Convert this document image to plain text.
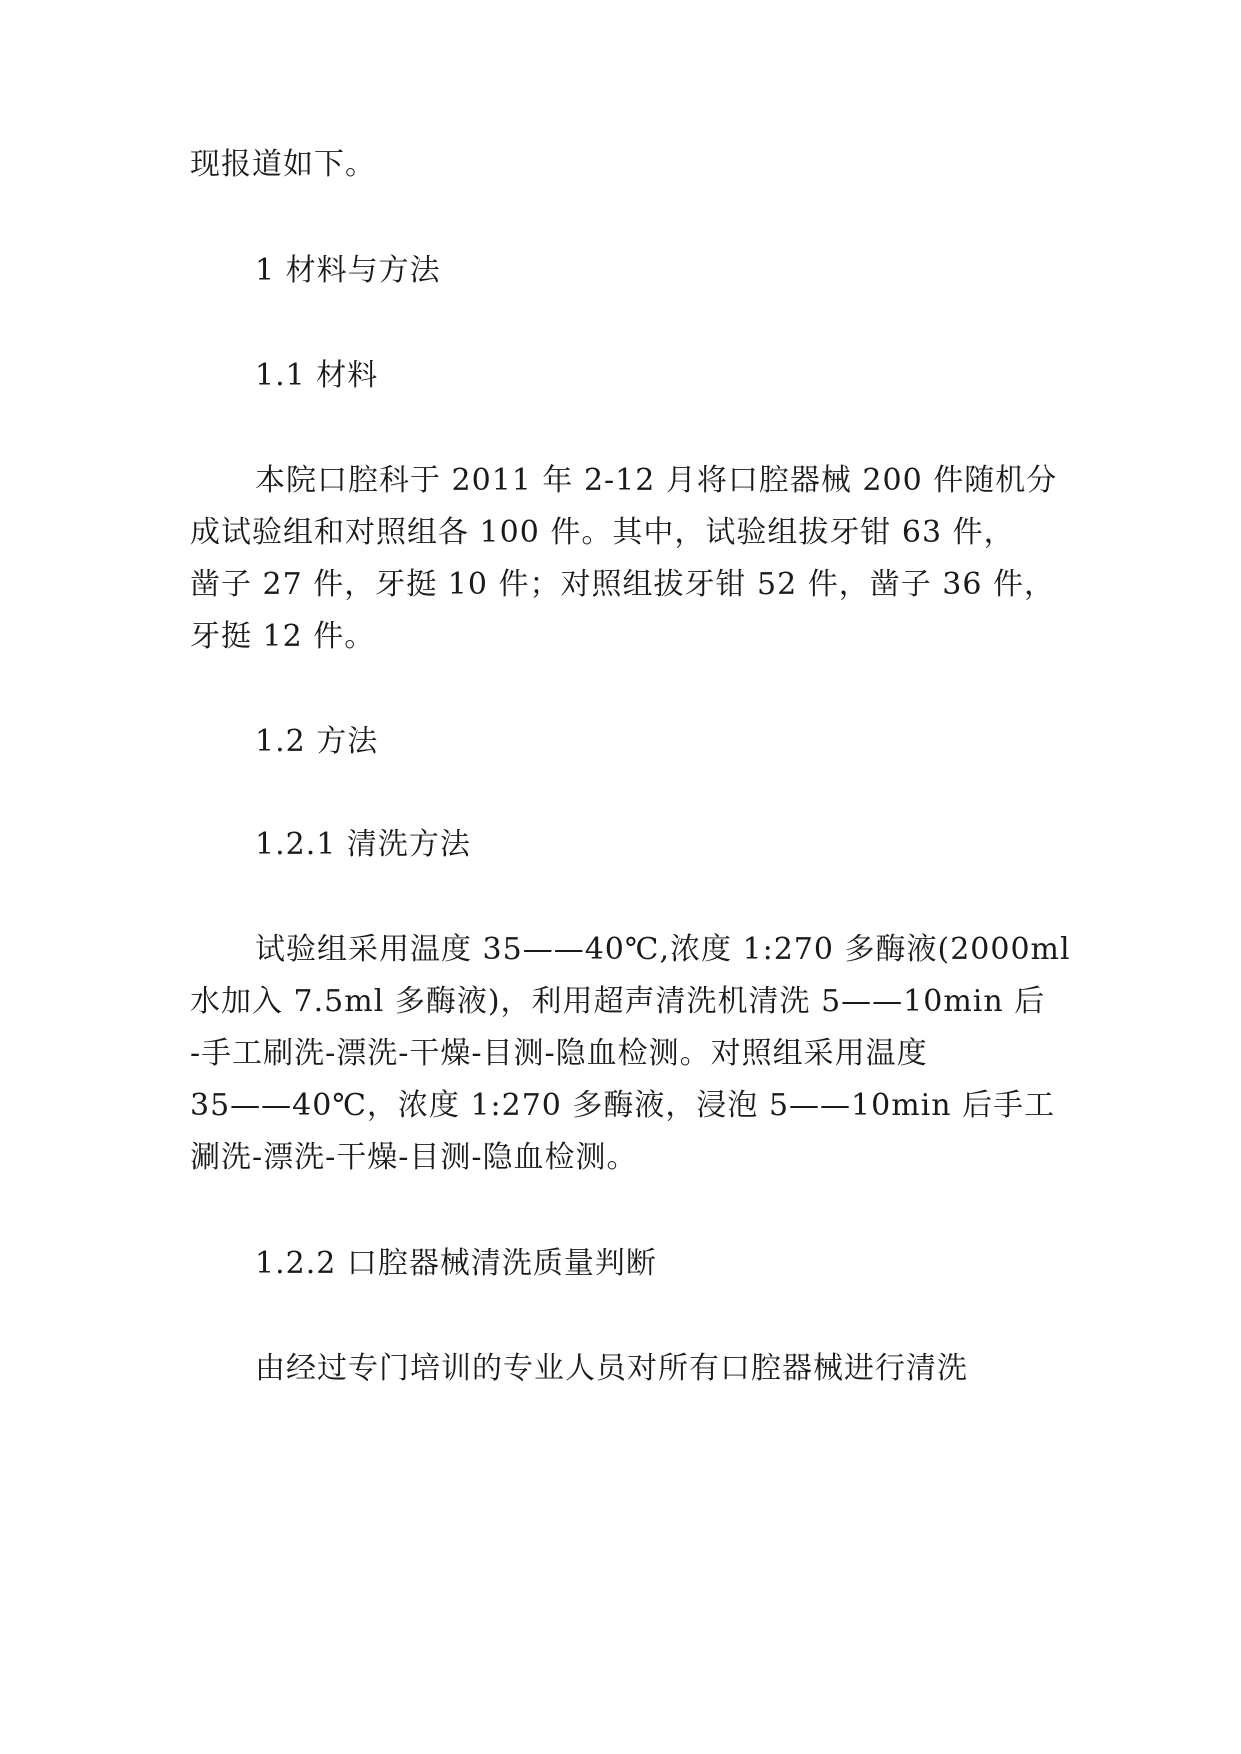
现报道如下。
1 材料与方法
1.1 材料
本院口腔科于 2011 年 2-12 月将口腔器械 200 件随机分
成试验组和对照组各 100 件。其中，试验组拔牙钳 63 件，
凿子 27 件，牙挺 10 件；对照组拔牙钳 52 件，凿子 36 件，
牙挺 12 件。
1.2 方法
1.2.1 清洗方法
试验组采用温度 35——40℃,浓度 1:270 多酶液(2000ml
水加入 7.5ml 多酶液)，利用超声清洗机清洗 5——10min 后
-手工刷洗-漂洗-干燥-目测-隐血检测。对照组采用温度
35——40℃，浓度 1:270 多酶液，浸泡 5——10min 后手工
涮洗-漂洗-干燥-目测-隐血检测。
1.2.2 口腔器械清洗质量判断
由经过专门培训的专业人员对所有口腔器械进行清洗
